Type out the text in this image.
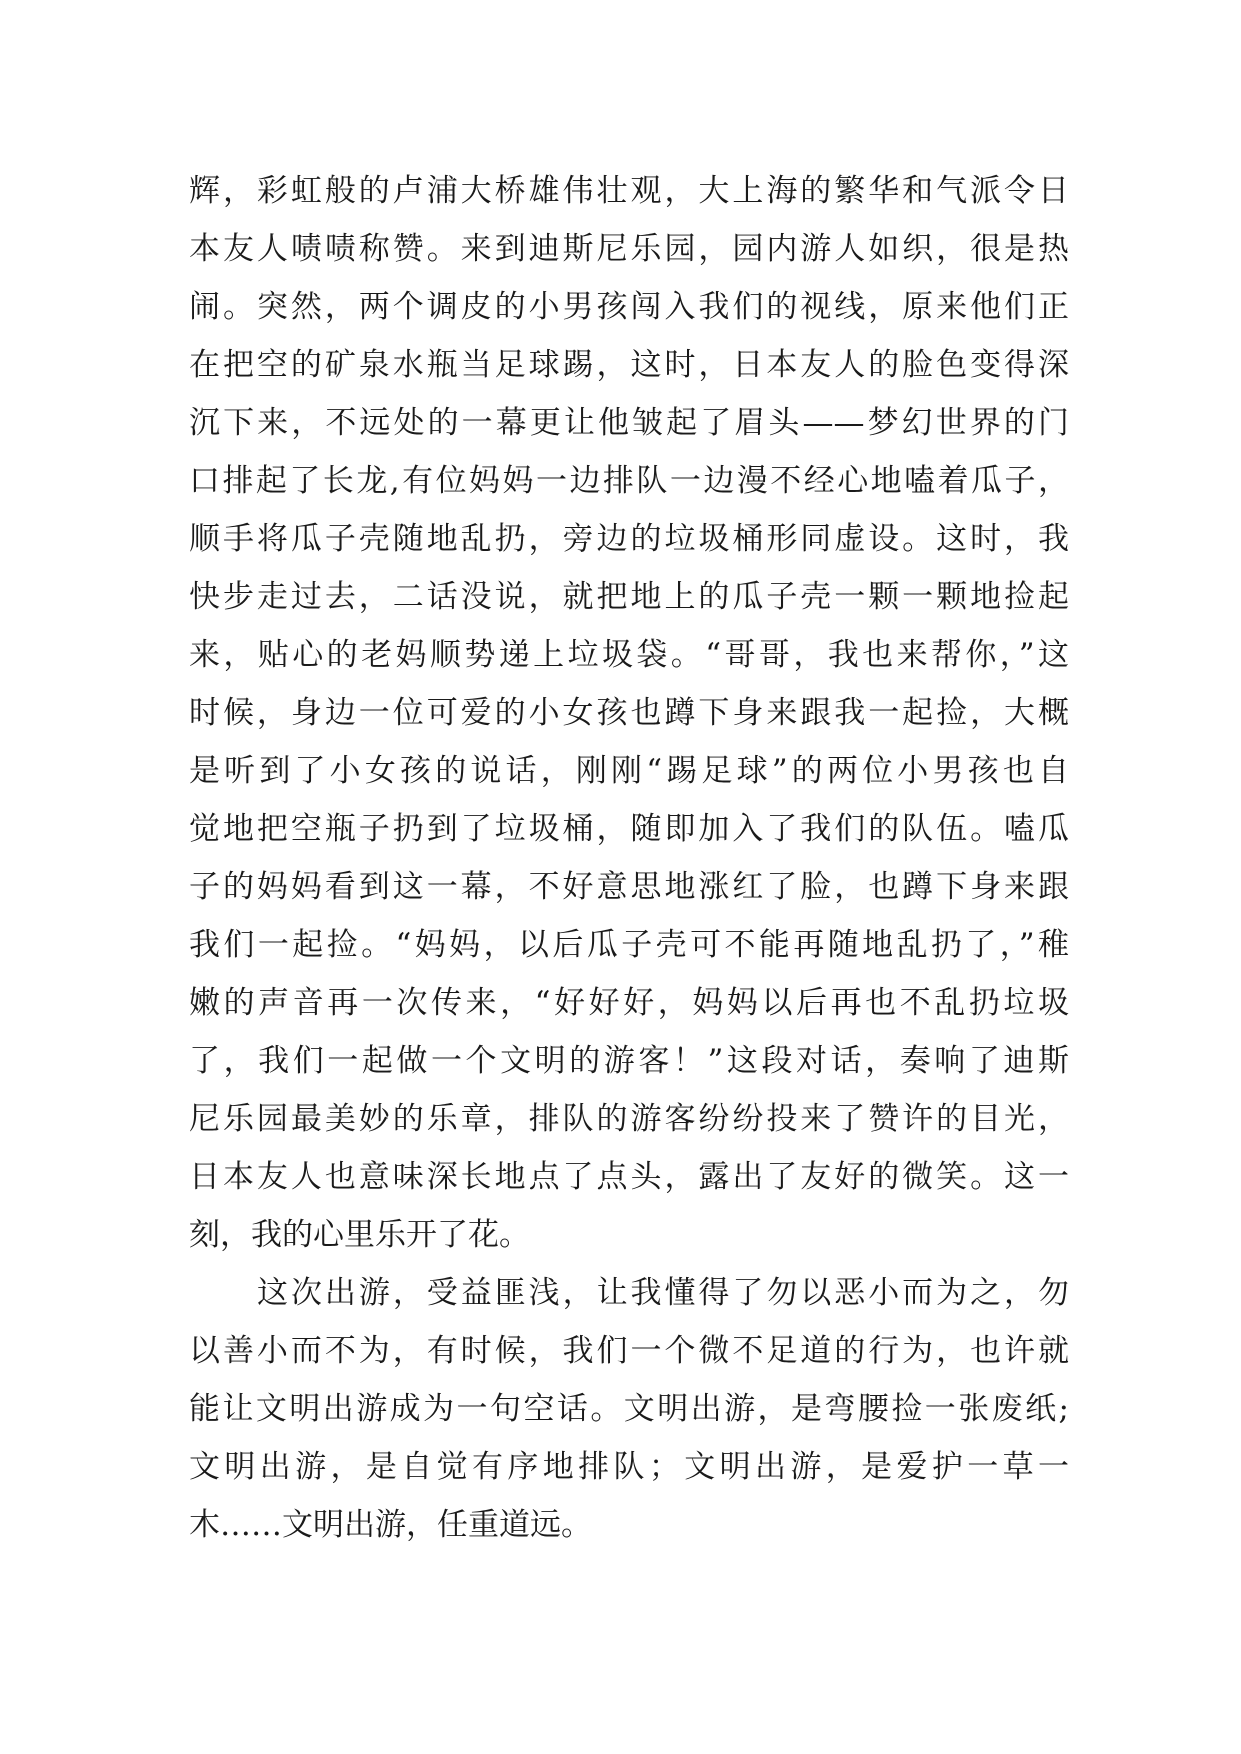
辉，彩虹般的卢浦大桥雄伟壮观，大上海的繁华和气派令日
本友人啧啧称赞。来到迪斯尼乐园，园内游人如织，很是热
闹。突然，两个调皮的小男孩闯入我们的视线，原来他们正
在把空的矿泉水瓶当足球踢，这时，日本友人的脸色变得深
沉下来，不远处的一幕更让他皱起了眉头——梦幻世界的门
口排起了长龙,有位妈妈一边排队一边漫不经心地嗑着瓜子，
顺手将瓜子壳随地乱扔，旁边的垃圾桶形同虚设。这时，我
快步走过去，二话没说，就把地上的瓜子壳一颗一颗地捡起
来，贴心的老妈顺势递上垃圾袋。“哥哥，我也来帮你，”这
时候，身边一位可爱的小女孩也蹲下身来跟我一起捡，大概
是听到了小女孩的说话，刚刚“踢足球”的两位小男孩也自
觉地把空瓶子扔到了垃圾桶，随即加入了我们的队伍。嗑瓜
子的妈妈看到这一幕，不好意思地涨红了脸，也蹲下身来跟
我们一起捡。“妈妈，以后瓜子壳可不能再随地乱扔了，”稚
嫩的声音再一次传来，“好好好，妈妈以后再也不乱扔垃圾
了，我们一起做一个文明的游客！”这段对话，奏响了迪斯
尼乐园最美妙的乐章，排队的游客纷纷投来了赞许的目光，
日本友人也意味深长地点了点头，露出了友好的微笑。这一
刻，我的心里乐开了花。
这次出游，受益匪浅，让我懂得了勿以恶小而为之，勿
以善小而不为，有时候，我们一个微不足道的行为，也许就
能让文明出游成为一句空话。文明出游，是弯腰捡一张废纸;
文明出游，是自觉有序地排队；文明出游，是爱护一草一
木……文明出游，任重道远。
